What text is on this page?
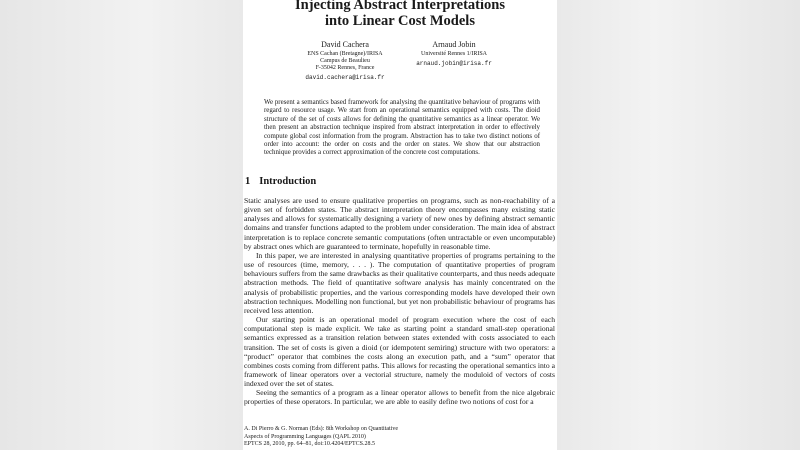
Injecting Abstract Interpretations
into Linear Cost Models
David Cachera
ENS Cachan (Bretagne)/IRISA
Campus de Beaulieu
F-35042 Rennes, France
david.cachera@irisa.fr
Arnaud Jobin
Université Rennes 1/IRISA
arnaud.jobin@irisa.fr
We present a semantics based framework for analysing the quantitative behaviour of programs with regard to resource usage. We start from an operational semantics equipped with costs. The dioid structure of the set of costs allows for defining the quantitative semantics as a linear operator. We then present an abstraction technique inspired from abstract interpretation in order to effectively compute global cost information from the program. Abstraction has to take two distinct notions of order into account: the order on costs and the order on states. We show that our abstraction technique provides a correct approximation of the concrete cost computations.
1 Introduction

Static analyses are used to ensure qualitative properties on programs, such as non-reachability of a given set of forbidden states. The abstract interpretation theory encompasses many existing static analyses and allows for systematically designing a variety of new ones by defining abstract semantic domains and transfer functions adapted to the problem under consideration. The main idea of abstract interpretation is to replace concrete semantic computations (often untractable or even uncomputable) by abstract ones which are guaranteed to terminate, hopefully in reasonable time.

In this paper, we are interested in analysing quantitative properties of programs pertaining to the use of resources (time, memory, . . . ). The computation of quantitative properties of program behaviours suffers from the same drawbacks as their qualitative counterparts, and thus needs adequate abstraction methods. The field of quantitative software analysis has mainly concentrated on the analysis of probabilistic properties, and the various corresponding models have developed their own abstraction techniques. Modelling non functional, but yet non probabilistic behaviour of programs has received less attention.

Our starting point is an operational model of program execution where the cost of each computational step is made explicit. We take as starting point a standard small-step operational semantics expressed as a transition relation between states extended with costs associated to each transition. The set of costs is given a dioid (or idempotent semiring) structure with two operators: a “product” operator that combines the costs along an execution path, and a “sum” operator that combines costs coming from different paths. This allows for recasting the operational semantics into a framework of linear operators over a vectorial structure, namely the moduloid of vectors of costs indexed over the set of states.

Seeing the semantics of a program as a linear operator allows to benefit from the nice algebraic properties of these operators. In particular, we are able to easily define two notions of cost for a

A. Di Pierro & G. Norman (Eds): 8th Workshop on Quantitative
Aspects of Programming Languages (QAPL 2010)
EPTCS 28, 2010, pp. 64–81, doi:10.4204/EPTCS.28.5
